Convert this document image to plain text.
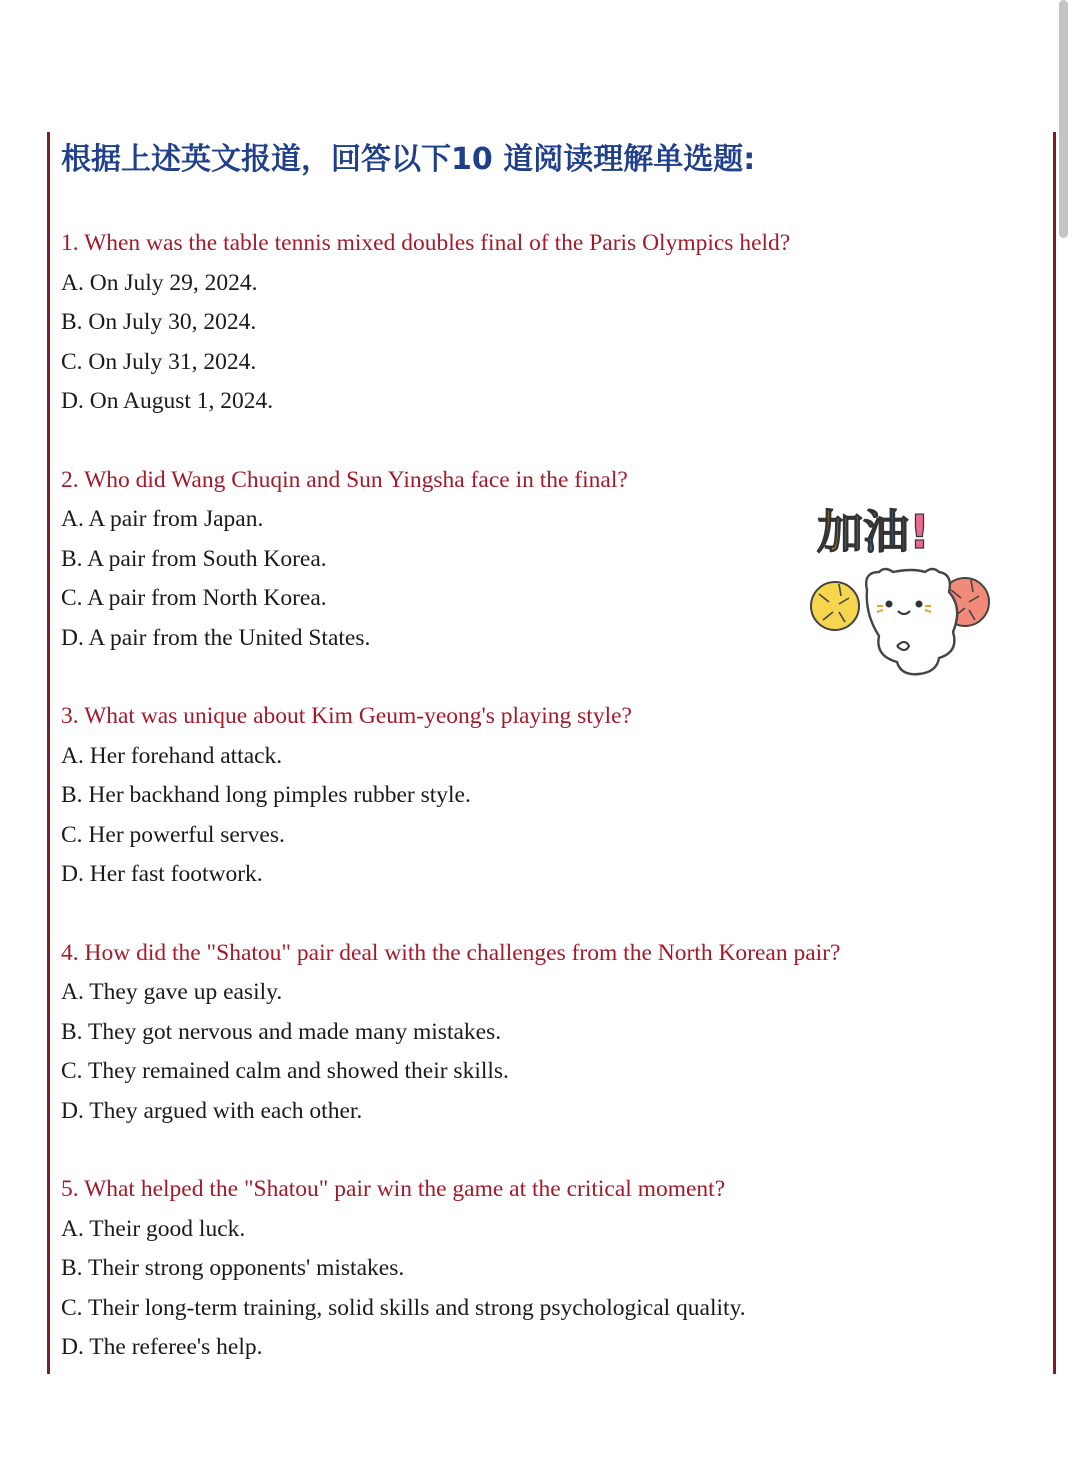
根据上述英文报道，回答以下10 道阅读理解单选题:
1. When was the table tennis mixed doubles final of the Paris Olympics held?
A. On July 29, 2024.
B. On July 30, 2024.
C. On July 31, 2024.
D. On August 1, 2024.
2. Who did Wang Chuqin and Sun Yingsha face in the final?
A. A pair from Japan.
B. A pair from South Korea.
C. A pair from North Korea.
D. A pair from the United States.
3. What was unique about Kim Geum-yeong's playing style?
A. Her forehand attack.
B. Her backhand long pimples rubber style.
C. Her powerful serves.
D. Her fast footwork.
4. How did the "Shatou" pair deal with the challenges from the North Korean pair?
A. They gave up easily.
B. They got nervous and made many mistakes.
C. They remained calm and showed their skills.
D. They argued with each other.
5. What helped the "Shatou" pair win the game at the critical moment?
A. Their good luck.
B. Their strong opponents' mistakes.
C. Their long-term training, solid skills and strong psychological quality.
D. The referee's help.
加油!
